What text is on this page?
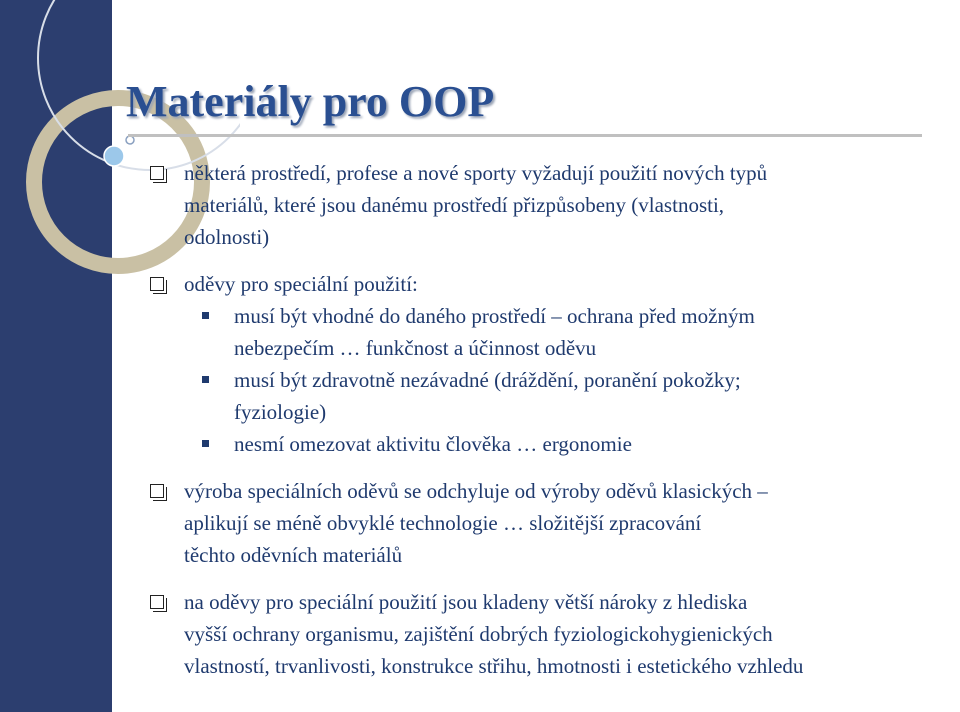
Materiály pro OOP
některá prostředí, profese a nové sporty vyžadují použití nových typů
materiálů, které jsou danému prostředí přizpůsobeny (vlastnosti,
odolnosti)
oděvy pro speciální použití:
musí být vhodné do daného prostředí – ochrana před možným
nebezpečím … funkčnost a účinnost oděvu
musí být zdravotně nezávadné (dráždění, poranění pokožky;
fyziologie)
nesmí omezovat aktivitu člověka … ergonomie
výroba speciálních oděvů se odchyluje od výroby oděvů klasických –
aplikují se méně obvyklé technologie … složitější zpracování
těchto oděvních materiálů
na oděvy pro speciální použití jsou kladeny větší nároky z hlediska
vyšší ochrany organismu, zajištění dobrých fyziologickohygienických
vlastností, trvanlivosti, konstrukce střihu, hmotnosti i estetického vzhledu
